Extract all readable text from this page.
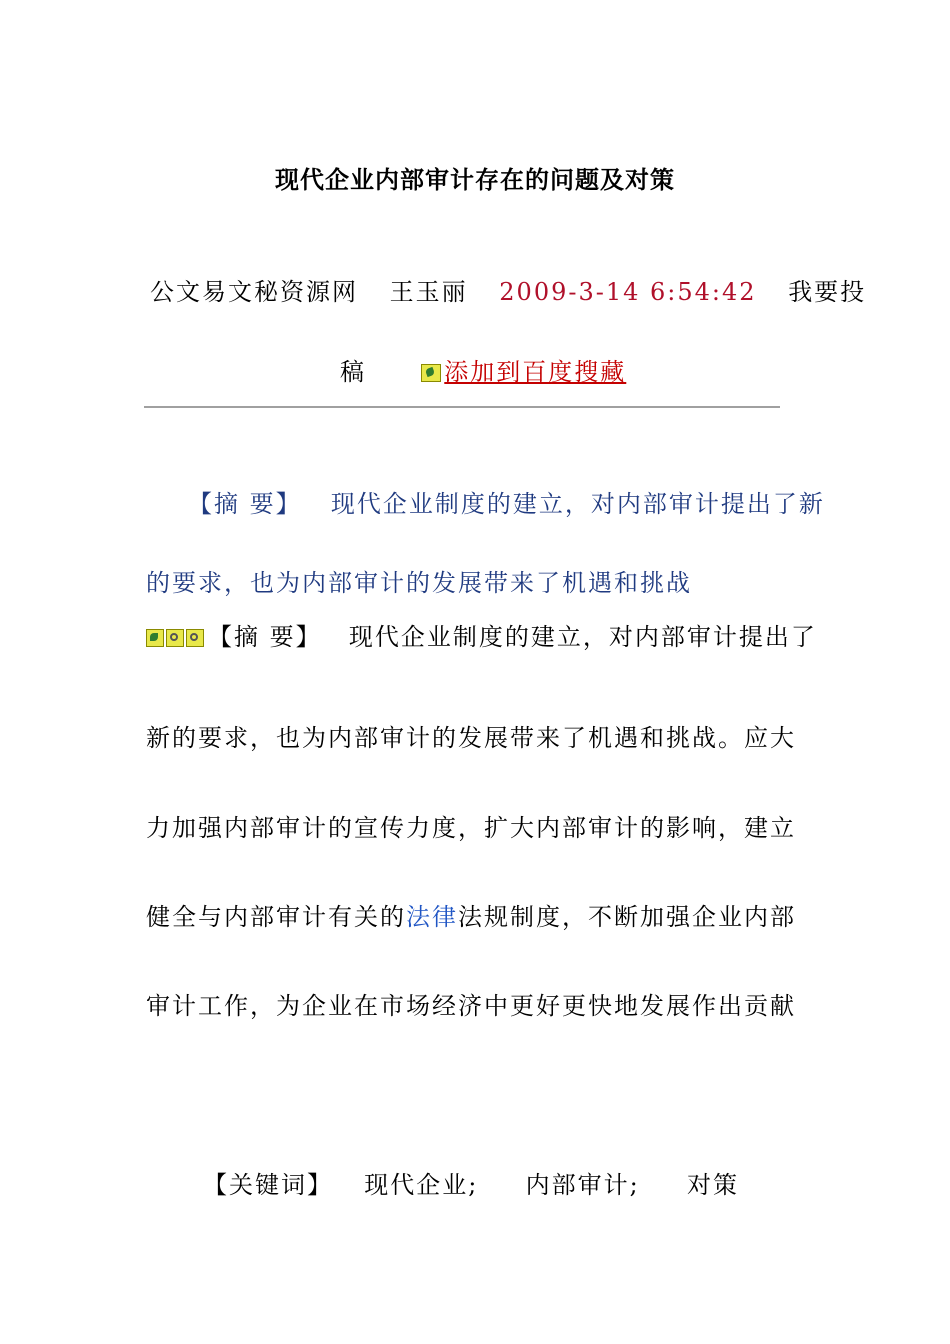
现代企业内部审计存在的问题及对策
公文易文秘资源网 王玉丽 2009-3-14 6:54:42 我要投
稿	添加到百度搜藏
【摘 要】 现代企业制度的建立，对内部审计提出了新
的要求，也为内部审计的发展带来了机遇和挑战
【摘 要】 现代企业制度的建立，对内部审计提出了
新的要求，也为内部审计的发展带来了机遇和挑战。应大
力加强内部审计的宣传力度，扩大内部审计的影响，建立
健全与内部审计有关的法律法规制度，不断加强企业内部
审计工作，为企业在市场经济中更好更快地发展作出贡献
【关键词】 现代企业; 内部审计; 对策
